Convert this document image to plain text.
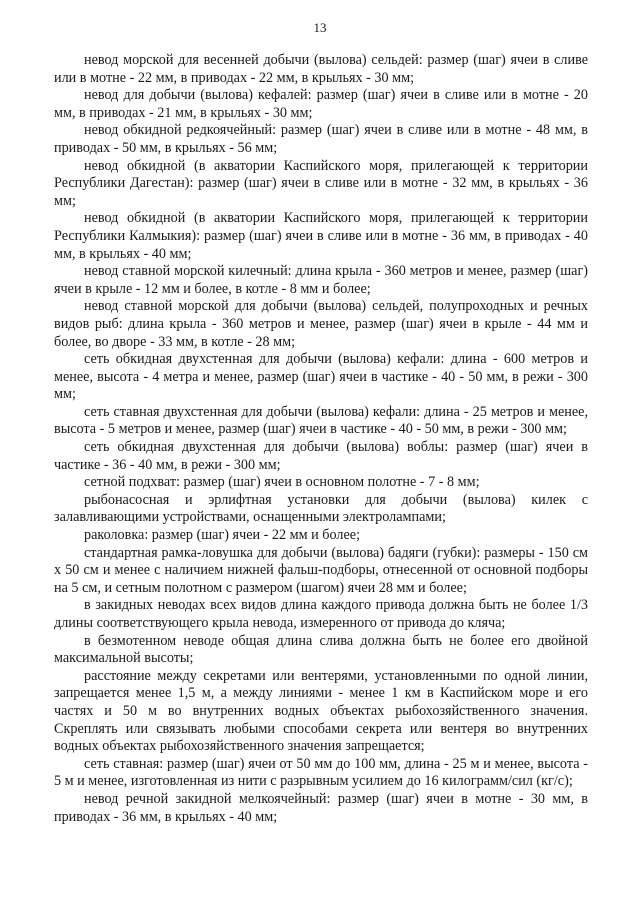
13

невод морской для весенней добычи (вылова) сельдей: размер (шаг) ячеи в сливе или в мотне - 22 мм, в приводах - 22 мм, в крыльях - 30 мм;

невод для добычи (вылова) кефалей: размер (шаг) ячеи в сливе или в мотне - 20 мм, в приводах - 21 мм, в крыльях - 30 мм;

невод обкидной редкоячейный: размер (шаг) ячеи в сливе или в мотне - 48 мм, в приводах - 50 мм, в крыльях - 56 мм;

невод обкидной (в акватории Каспийского моря, прилегающей к территории Республики Дагестан): размер (шаг) ячеи в сливе или в мотне - 32 мм, в крыльях - 36 мм;

невод обкидной (в акватории Каспийского моря, прилегающей к территории Республики Калмыкия): размер (шаг) ячеи в сливе или в мотне - 36 мм, в приводах - 40 мм, в крыльях - 40 мм;

невод ставной морской килечный: длина крыла - 360 метров и менее, размер (шаг) ячеи в крыле - 12 мм и более, в котле - 8 мм и более;

невод ставной морской для добычи (вылова) сельдей, полупроходных и речных видов рыб: длина крыла - 360 метров и менее, размер (шаг) ячеи в крыле - 44 мм и более, во дворе - 33 мм, в котле - 28 мм;

сеть обкидная двухстенная для добычи (вылова) кефали: длина - 600 метров и менее, высота - 4 метра и менее, размер (шаг) ячеи в частике - 40 - 50 мм, в режи - 300 мм;

сеть ставная двухстенная для добычи (вылова) кефали: длина - 25 метров и менее, высота - 5 метров и менее, размер (шаг) ячеи в частике - 40 - 50 мм, в режи - 300 мм;

сеть обкидная двухстенная для добычи (вылова) воблы: размер (шаг) ячеи в частике - 36 - 40 мм, в режи - 300 мм;

сетной подхват: размер (шаг) ячеи в основном полотне - 7 - 8 мм;

рыбонасосная и эрлифтная установки для добычи (вылова) килек с залавливающими устройствами, оснащенными электролампами;

раколовка: размер (шаг) ячеи - 22 мм и более;

стандартная рамка-ловушка для добычи (вылова) бадяги (губки): размеры - 150 см х 50 см и менее с наличием нижней фальш-подборы, отнесенной от основной подборы на 5 см, и сетным полотном с размером (шагом) ячеи 28 мм и более;

в закидных неводах всех видов длина каждого привода должна быть не более 1/3 длины соответствующего крыла невода, измеренного от привода до кляча;

в безмотенном неводе общая длина слива должна быть не более его двойной максимальной высоты;

расстояние между секретами или вентерями, установленными по одной линии, запрещается менее 1,5 м, а между линиями - менее 1 км в Каспийском море и его частях и 50 м во внутренних водных объектах рыбохозяйственного значения. Скреплять или связывать любыми способами секрета или вентеря во внутренних водных объектах рыбохозяйственного значения запрещается;

сеть ставная: размер (шаг) ячеи от 50 мм до 100 мм, длина - 25 м и менее, высота - 5 м и менее, изготовленная из нити с разрывным усилием до 16 килограмм/сил (кг/с);

невод речной закидной мелкоячейный: размер (шаг) ячеи в мотне - 30 мм, в приводах - 36 мм, в крыльях - 40 мм;
